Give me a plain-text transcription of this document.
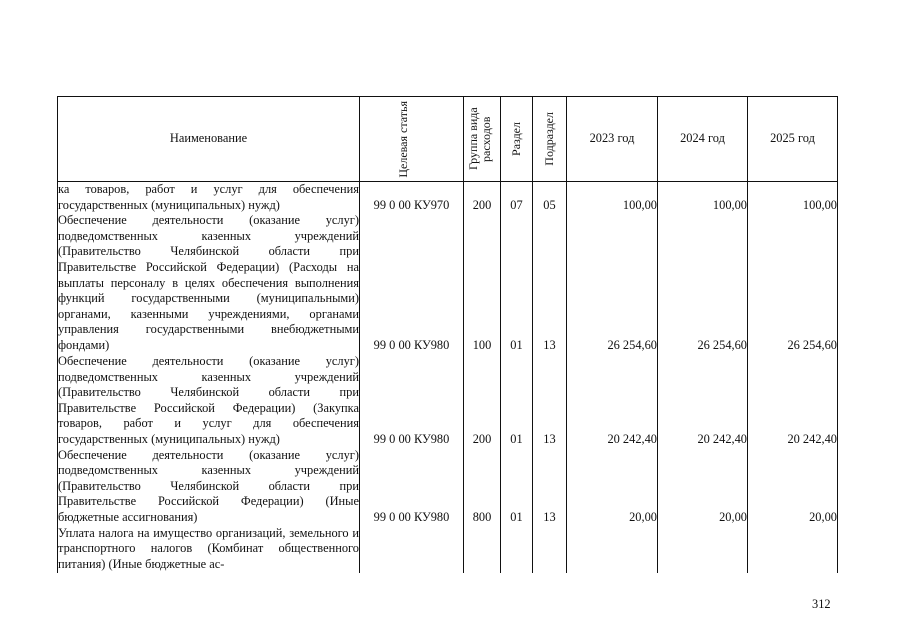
Наименование	Целевая статья	Группа вида расходов	Раздел	Подраздел	2023 год	2024 год	2025 год
ка товаров, работ и услуг для обеспечения государственных (муниципальных) нужд)	99 0 00 КУ970	200	07	05	100,00	100,00	100,00
Обеспечение деятельности (оказание услуг) подведомственных казенных учреждений (Правительство Челябинской области при Правительстве Российской Федерации) (Расходы на выплаты персоналу в целях обеспечения выполнения функций государственными (муниципальными) органами, казенными учреждениями, органами управления государственными внебюджетными фондами)	99 0 00 КУ980	100	01	13	26 254,60	26 254,60	26 254,60
Обеспечение деятельности (оказание услуг) подведомственных казенных учреждений (Правительство Челябинской области при Правительстве Российской Федерации) (Закупка товаров, работ и услуг для обеспечения государственных (муниципальных) нужд)	99 0 00 КУ980	200	01	13	20 242,40	20 242,40	20 242,40
Обеспечение деятельности (оказание услуг) подведомственных казенных учреждений (Правительство Челябинской области при Правительстве Российской Федерации) (Иные бюджетные ассигнования)	99 0 00 КУ980	800	01	13	20,00	20,00	20,00
Уплата налога на имущество организаций, земельного и транспортного налогов (Комбинат общественного питания) (Иные бюджетные ас-							
312
